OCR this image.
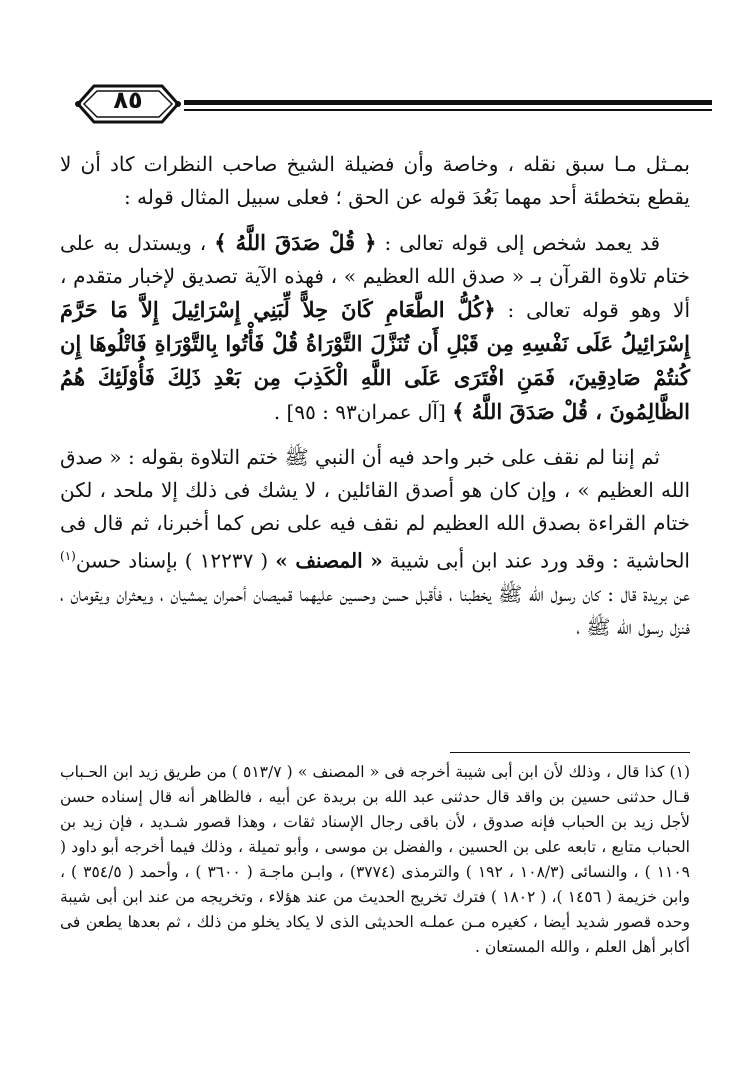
٨٥

بمـثل مـا سبق نقله ، وخاصة وأن فضيلة الشيخ صاحب النظرات كاد أن لا يقطع بتخطئة أحد مهما بَعُدَ قوله عن الحق ؛ فعلى سبيل المثال قوله :

قد يعمد شخص إلى قوله تعالى : ﴿ قُلْ صَدَقَ اللَّهُ ﴾ ، ويستدل به على ختام تلاوة القرآن بـ « صدق الله العظيم » ، فهذه الآية تصديق لإخبار متقدم ، ألا وهو قوله تعالى : ﴿كُلُّ الطَّعَامِ كَانَ حِلاًّ لِّبَنِي إِسْرَائِيلَ إِلاَّ مَا حَرَّمَ إِسْرَائِيلُ عَلَى نَفْسِهِ مِن قَبْلِ أَن تُنَزَّلَ التَّوْرَاةُ قُلْ فَأْتُوا بِالتَّوْرَاةِ فَاتْلُوهَا إِن كُنتُمْ صَادِقِينَ، فَمَنِ افْتَرَى عَلَى اللَّهِ الْكَذِبَ مِن بَعْدِ ذَلِكَ فَأُوْلَئِكَ هُمُ الظَّالِمُونَ ، قُلْ صَدَقَ اللَّهُ ﴾ [آل عمران٩٣ : ٩٥] .

ثم إننا لم نقف على خبر واحد فيه أن النبي ﷺ ختم التلاوة بقوله : « صدق الله العظيم » ، وإن كان هو أصدق القائلين ، لا يشك فى ذلك إلا ملحد ، لكن ختام القراءة بصدق الله العظيم لم نقف فيه على نص كما أخبرنا، ثم قال فى الحاشية : وقد ورد عند ابن أبى شيبة « المصنف » ( ١٢٢٣٧ ) بإسناد حسن$^{(١)}$ عن بريدة قال : كان رسول الله ﷺ يخطبنا ، فأقبل حسن وحسين عليهما قميصان أحمران يمشيان ، ويعثران ويقومان ، فنزل رسول الله ﷺ ،

(١) كذا قال ، وذلك لأن ابن أبى شيبة أخرجه فى « المصنف » ( ٥١٣/٧ ) من طريق زيد ابن الحـباب قـال حدثنى حسين بن واقد قال حدثنى عبد الله بن بريدة عن أبيه ، فالظاهر أنه قال إسناده حسن لأجل زيد بن الحباب فإنه صدوق ، لأن باقى رجال الإسناد ثقات ، وهذا قصور شـديد ، فإن زيد بن الحباب متابع ، تابعه على بن الحسين ، والفضل بن موسى ، وأبو تميلة ، وذلك فيما أخرجه أبو داود ( ١١٠٩ ) ، والنسائى (١٠٨/٣ ، ١٩٢ ) والترمذى (٣٧٧٤) ، وابـن ماجـة ( ٣٦٠٠ ) ، وأحمد ( ٣٥٤/٥ ) ، وابن خزيمة ( ١٤٥٦ )، ( ١٨٠٢ ) فترك تخريج الحديث من عند هؤلاء ، وتخريجه من عند ابن أبى شيبة وحده قصور شديد أيضا ، كغيره مـن عملـه الحديثى الذى لا يكاد يخلو من ذلك ، ثم بعدها يطعن فى أكابر أهل العلم ، والله المستعان .
